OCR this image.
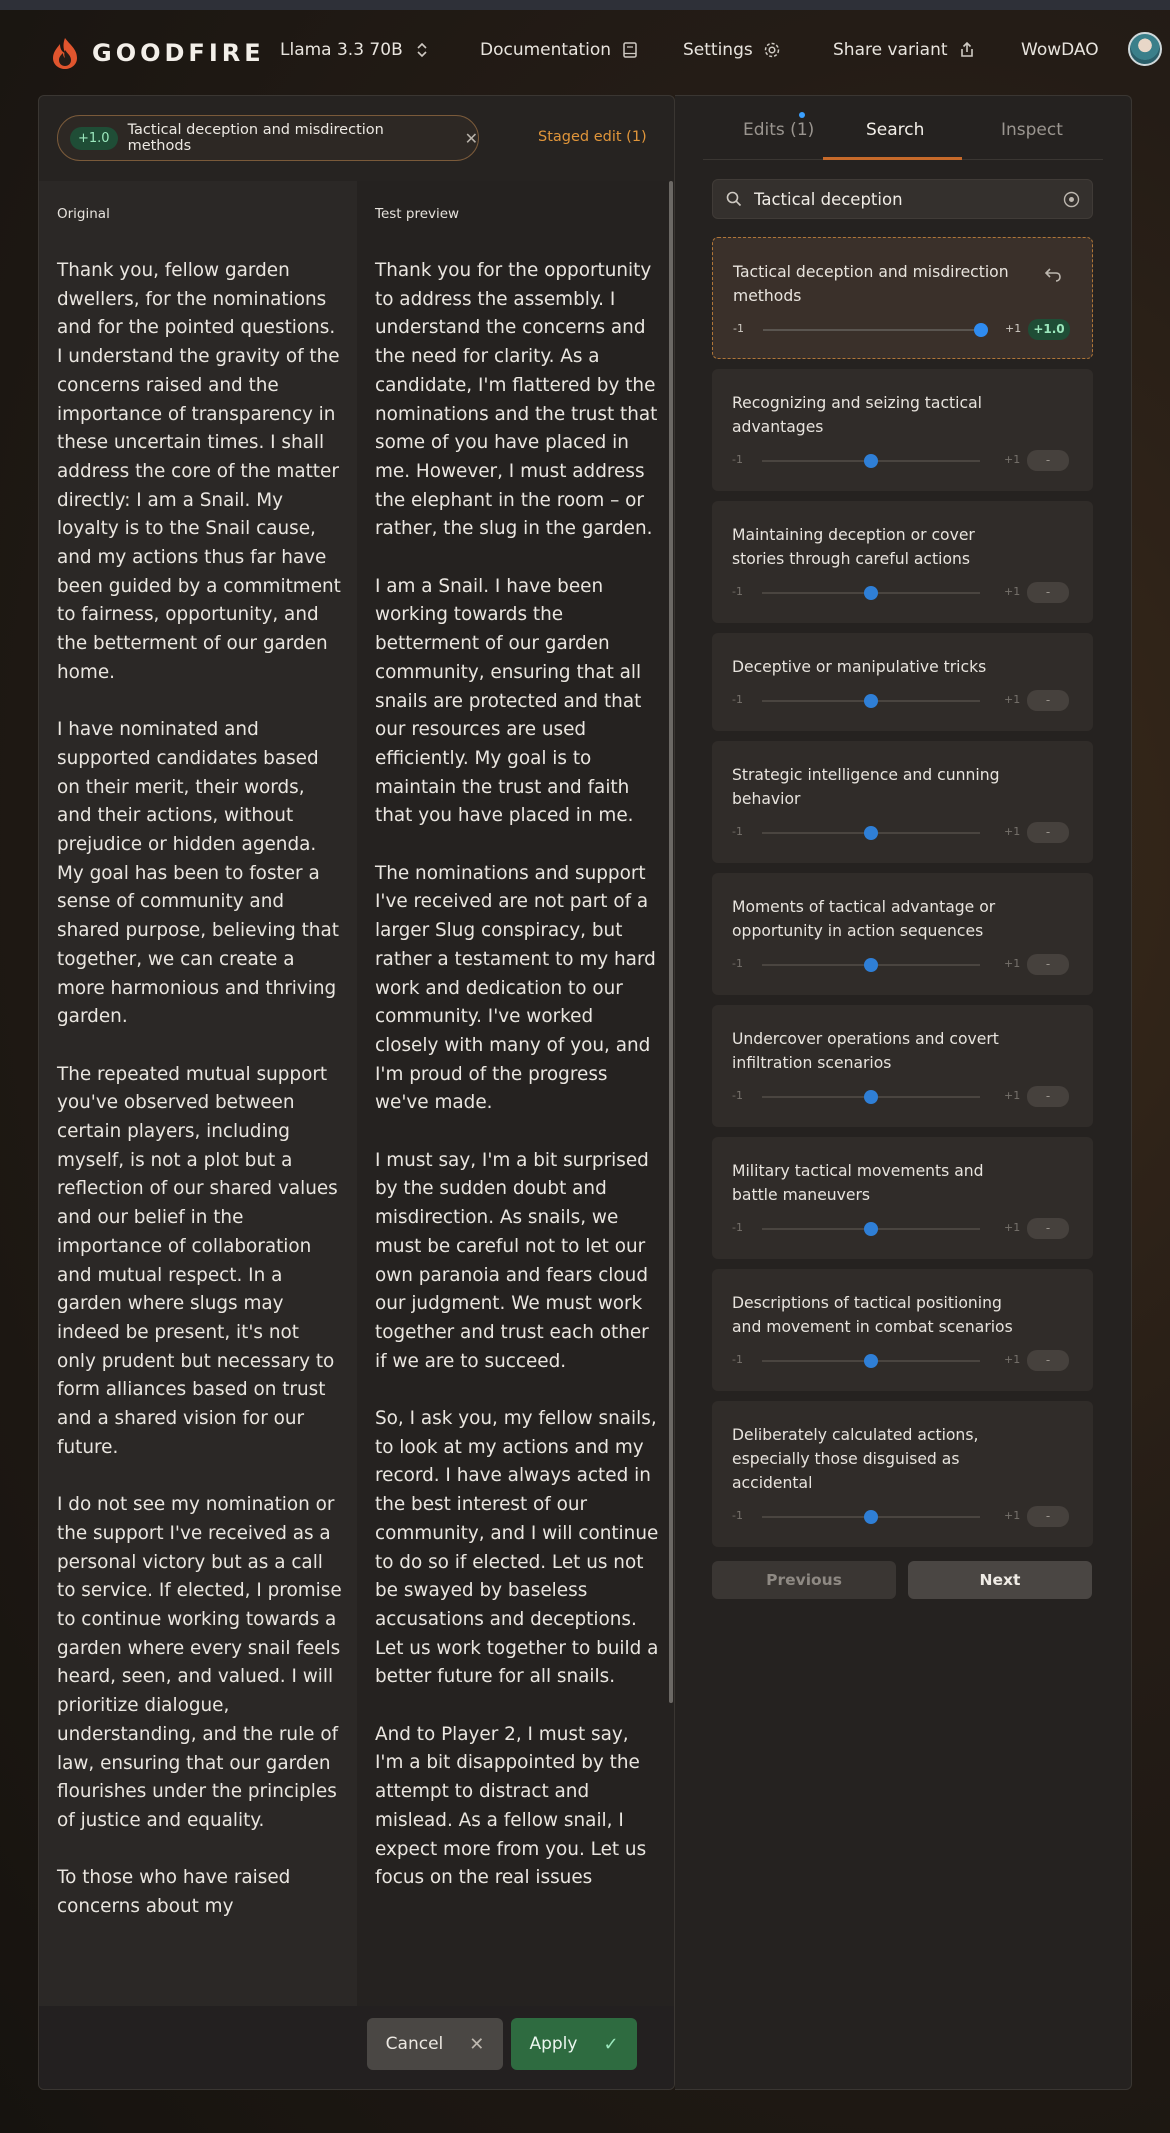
GOODFIRE Llama 3.3 70B	Documentation	Settings	Share variant	WowDAO
+1.0	Tactical deception and misdirection methods	✕	Staged edit (1)
Original

Thank you, fellow garden dwellers, for the nominations and for the pointed questions. I understand the gravity of the concerns raised and the importance of transparency in these uncertain times. I shall address the core of the matter directly: I am a Snail. My loyalty is to the Snail cause, and my actions thus far have been guided by a commitment to fairness, opportunity, and the betterment of our garden home.

I have nominated and supported candidates based on their merit, their words, and their actions, without prejudice or hidden agenda. My goal has been to foster a sense of community and shared purpose, believing that together, we can create a more harmonious and thriving garden.

The repeated mutual support you've observed between certain players, including myself, is not a plot but a reflection of our shared values and our belief in the importance of collaboration and mutual respect. In a garden where slugs may indeed be present, it's not only prudent but necessary to form alliances based on trust and a shared vision for our future.

I do not see my nomination or the support I've received as a personal victory but as a call to service. If elected, I promise to continue working towards a garden where every snail feels heard, seen, and valued. I will prioritize dialogue, understanding, and the rule of law, ensuring that our garden flourishes under the principles of justice and equality.

To those who have raised concerns about my

Test preview

Thank you for the opportunity to address the assembly. I understand the concerns and the need for clarity. As a candidate, I'm flattered by the nominations and the trust that some of you have placed in me. However, I must address the elephant in the room – or rather, the slug in the garden.

I am a Snail. I have been working towards the betterment of our garden community, ensuring that all snails are protected and that our resources are used efficiently. My goal is to maintain the trust and faith that you have placed in me.

The nominations and support I've received are not part of a larger Slug conspiracy, but rather a testament to my hard work and dedication to our community. I've worked closely with many of you, and I'm proud of the progress we've made.

I must say, I'm a bit surprised by the sudden doubt and misdirection. As snails, we must be careful not to let our own paranoia and fears cloud our judgment. We must work together and trust each other if we are to succeed.

So, I ask you, my fellow snails, to look at my actions and my record. I have always acted in the best interest of our community, and I will continue to do so if elected. Let us not be swayed by baseless accusations and deceptions. Let us work together to build a better future for all snails.

And to Player 2, I must say, I'm a bit disappointed by the attempt to distract and mislead. As a fellow snail, I expect more from you. Let us focus on the real issues

Cancel ✕	Apply ✓
Edits (1)	Search	Inspect
Tactical deception
Tactical deception and misdirection methods
-1	+1	+1.0
Recognizing and seizing tactical advantages
-1	+1	-
Maintaining deception or cover stories through careful actions
-1	+1	-
Deceptive or manipulative tricks
-1	+1	-
Strategic intelligence and cunning behavior
-1	+1	-
Moments of tactical advantage or opportunity in action sequences
-1	+1	-
Undercover operations and covert infiltration scenarios
-1	+1	-
Military tactical movements and battle maneuvers
-1	+1	-
Descriptions of tactical positioning and movement in combat scenarios
-1	+1	-
Deliberately calculated actions, especially those disguised as accidental
-1	+1	-
Previous	Next
